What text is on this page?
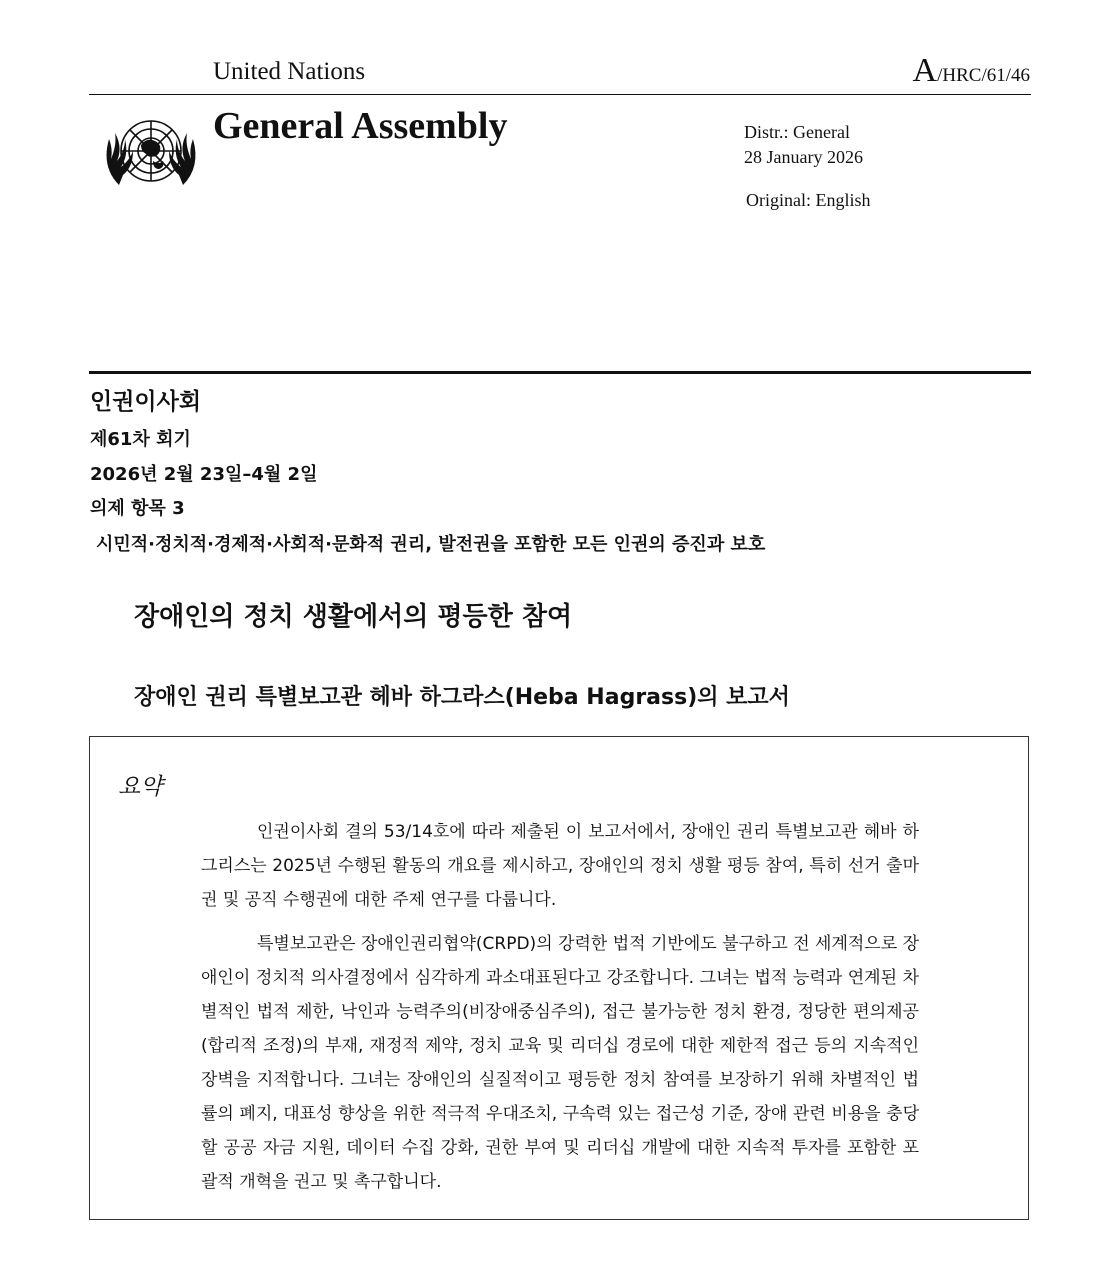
United Nations	A/HRC/61/46
General Assembly	Distr.: General
28 January 2026
Original: English
인권이사회
제61차 회기
2026년 2월 23일–4월 2일
의제 항목 3
시민적·정치적·경제적·사회적·문화적 권리, 발전권을 포함한 모든 인권의 증진과 보호
장애인의 정치 생활에서의 평등한 참여
장애인 권리 특별보고관 헤바 하그라스(Heba Hagrass)의 보고서
요약

인권이사회 결의 53/14호에 따라 제출된 이 보고서에서, 장애인 권리 특별보고관 헤바 하그리스는 2025년 수행된 활동의 개요를 제시하고, 장애인의 정치 생활 평등 참여, 특히 선거 출마권 및 공직 수행권에 대한 주제 연구를 다룹니다.

특별보고관은 장애인권리협약(CRPD)의 강력한 법적 기반에도 불구하고 전 세계적으로 장애인이 정치적 의사결정에서 심각하게 과소대표된다고 강조합니다. 그녀는 법적 능력과 연계된 차별적인 법적 제한, 낙인과 능력주의(비장애중심주의), 접근 불가능한 정치 환경, 정당한 편의제공(합리적 조정)의 부재, 재정적 제약, 정치 교육 및 리더십 경로에 대한 제한적 접근 등의 지속적인 장벽을 지적합니다. 그녀는 장애인의 실질적이고 평등한 정치 참여를 보장하기 위해 차별적인 법률의 폐지, 대표성 향상을 위한 적극적 우대조치, 구속력 있는 접근성 기준, 장애 관련 비용을 충당할 공공 자금 지원, 데이터 수집 강화, 권한 부여 및 리더십 개발에 대한 지속적 투자를 포함한 포괄적 개혁을 권고 및 촉구합니다.
